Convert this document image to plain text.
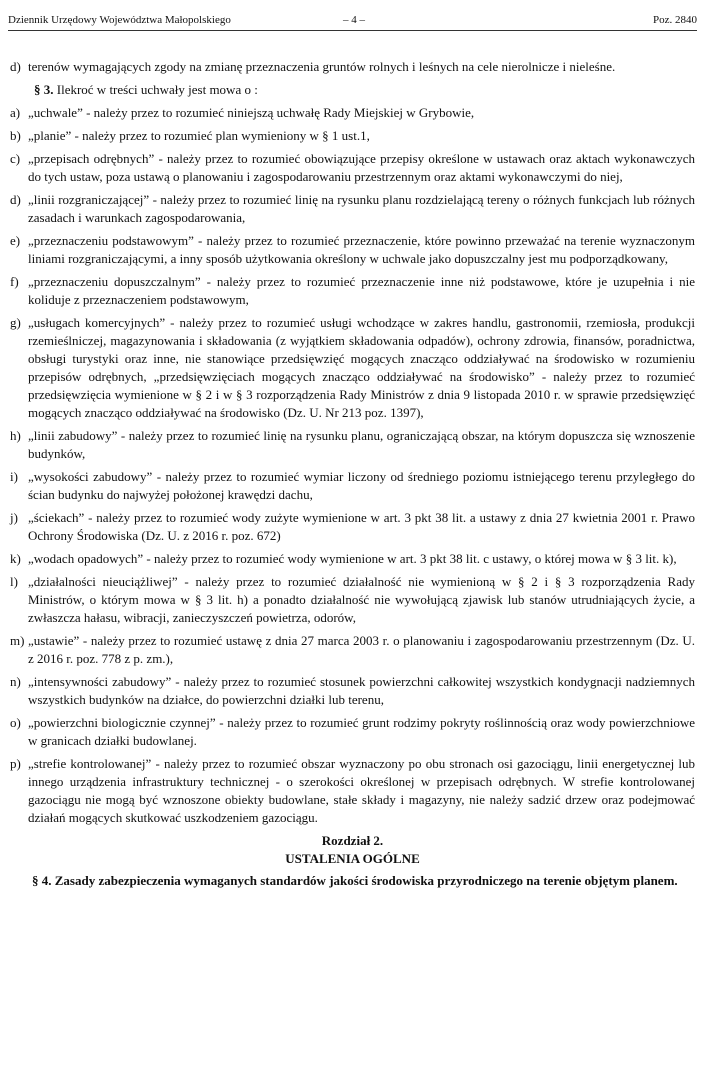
Dziennik Urzędowy Województwa Małopolskiego	– 4 –	Poz. 2840
d) terenów wymagających zgody na zmianę przeznaczenia gruntów rolnych i leśnych na cele nierolnicze i nieleśne.

§ 3. Ilekroć w treści uchwały jest mowa o :

a) „uchwale” - należy przez to rozumieć niniejszą uchwałę Rady Miejskiej w Grybowie,
b) „planie” - należy przez to rozumieć plan wymieniony w § 1 ust.1,
c) „przepisach odrębnych” - należy przez to rozumieć obowiązujące przepisy określone w ustawach oraz aktach wykonawczych do tych ustaw, poza ustawą o planowaniu i zagospodarowaniu przestrzennym oraz aktami wykonawczymi do niej,
d) „linii rozgraniczającej” - należy przez to rozumieć linię na rysunku planu rozdzielającą tereny o różnych funkcjach lub różnych zasadach i warunkach zagospodarowania,
e) „przeznaczeniu podstawowym” - należy przez to rozumieć przeznaczenie, które powinno przeważać na terenie wyznaczonym liniami rozgraniczającymi, a inny sposób użytkowania określony w uchwale jako dopuszczalny jest mu podporządkowany,
f) „przeznaczeniu dopuszczalnym” - należy przez to rozumieć przeznaczenie inne niż podstawowe, które je uzupełnia i nie koliduje z przeznaczeniem podstawowym,
g) „usługach komercyjnych” - należy przez to rozumieć usługi wchodzące w zakres handlu, gastronomii, rzemiosła, produkcji rzemieślniczej, magazynowania i składowania (z wyjątkiem składowania odpadów), ochrony zdrowia, finansów, poradnictwa, obsługi turystyki oraz inne, nie stanowiące przedsięwzięć mogących znacząco oddziaływać na środowisko w rozumieniu przepisów odrębnych, „przedsięwzięciach mogących znacząco oddziaływać na środowisko” - należy przez to rozumieć przedsięwzięcia wymienione w § 2 i w § 3 rozporządzenia Rady Ministrów z dnia 9 listopada 2010 r. w sprawie przedsięwzięć mogących znacząco oddziaływać na środowisko (Dz. U. Nr 213 poz. 1397),
h) „linii zabudowy” - należy przez to rozumieć linię na rysunku planu, ograniczającą obszar, na którym dopuszcza się wznoszenie budynków,
i) „wysokości zabudowy” - należy przez to rozumieć wymiar liczony od średniego poziomu istniejącego terenu przyległego do ścian budynku do najwyżej położonej krawędzi dachu,
j) „ściekach” - należy przez to rozumieć wody zużyte wymienione w art. 3 pkt 38 lit. a ustawy z dnia 27 kwietnia 2001 r. Prawo Ochrony Środowiska (Dz. U. z 2016 r. poz. 672)
k) „wodach opadowych” - należy przez to rozumieć wody wymienione w art. 3 pkt 38 lit. c ustawy, o której mowa w § 3 lit. k),
l) „działalności nieuciążliwej” - należy przez to rozumieć działalność nie wymienioną w § 2 i § 3 rozporządzenia Rady Ministrów, o którym mowa w § 3 lit. h) a ponadto działalność nie wywołującą zjawisk lub stanów utrudniających życie, a zwłaszcza hałasu, wibracji, zanieczyszczeń powietrza, odorów,
m) „ustawie” - należy przez to rozumieć ustawę z dnia 27 marca 2003 r. o planowaniu i zagospodarowaniu przestrzennym (Dz. U. z 2016 r. poz. 778 z p. zm.),
n) „intensywności zabudowy” - należy przez to rozumieć stosunek powierzchni całkowitej wszystkich kondygnacji nadziemnych wszystkich budynków na działce, do powierzchni działki lub terenu,
o) „powierzchni biologicznie czynnej” - należy przez to rozumieć grunt rodzimy pokryty roślinnością oraz wody powierzchniowe w granicach działki budowlanej.
p) „strefie kontrolowanej” - należy przez to rozumieć obszar wyznaczony po obu stronach osi gazociągu, linii energetycznej lub innego urządzenia infrastruktury technicznej - o szerokości określonej w przepisach odrębnych. W strefie kontrolowanej gazociągu nie mogą być wznoszone obiekty budowlane, stałe składy i magazyny, nie należy sadzić drzew oraz podejmować działań mogących skutkować uszkodzeniem gazociągu.
Rozdział 2.
USTALENIA OGÓLNE
§ 4. Zasady zabezpieczenia wymaganych standardów jakości środowiska przyrodniczego na terenie objętym planem.
